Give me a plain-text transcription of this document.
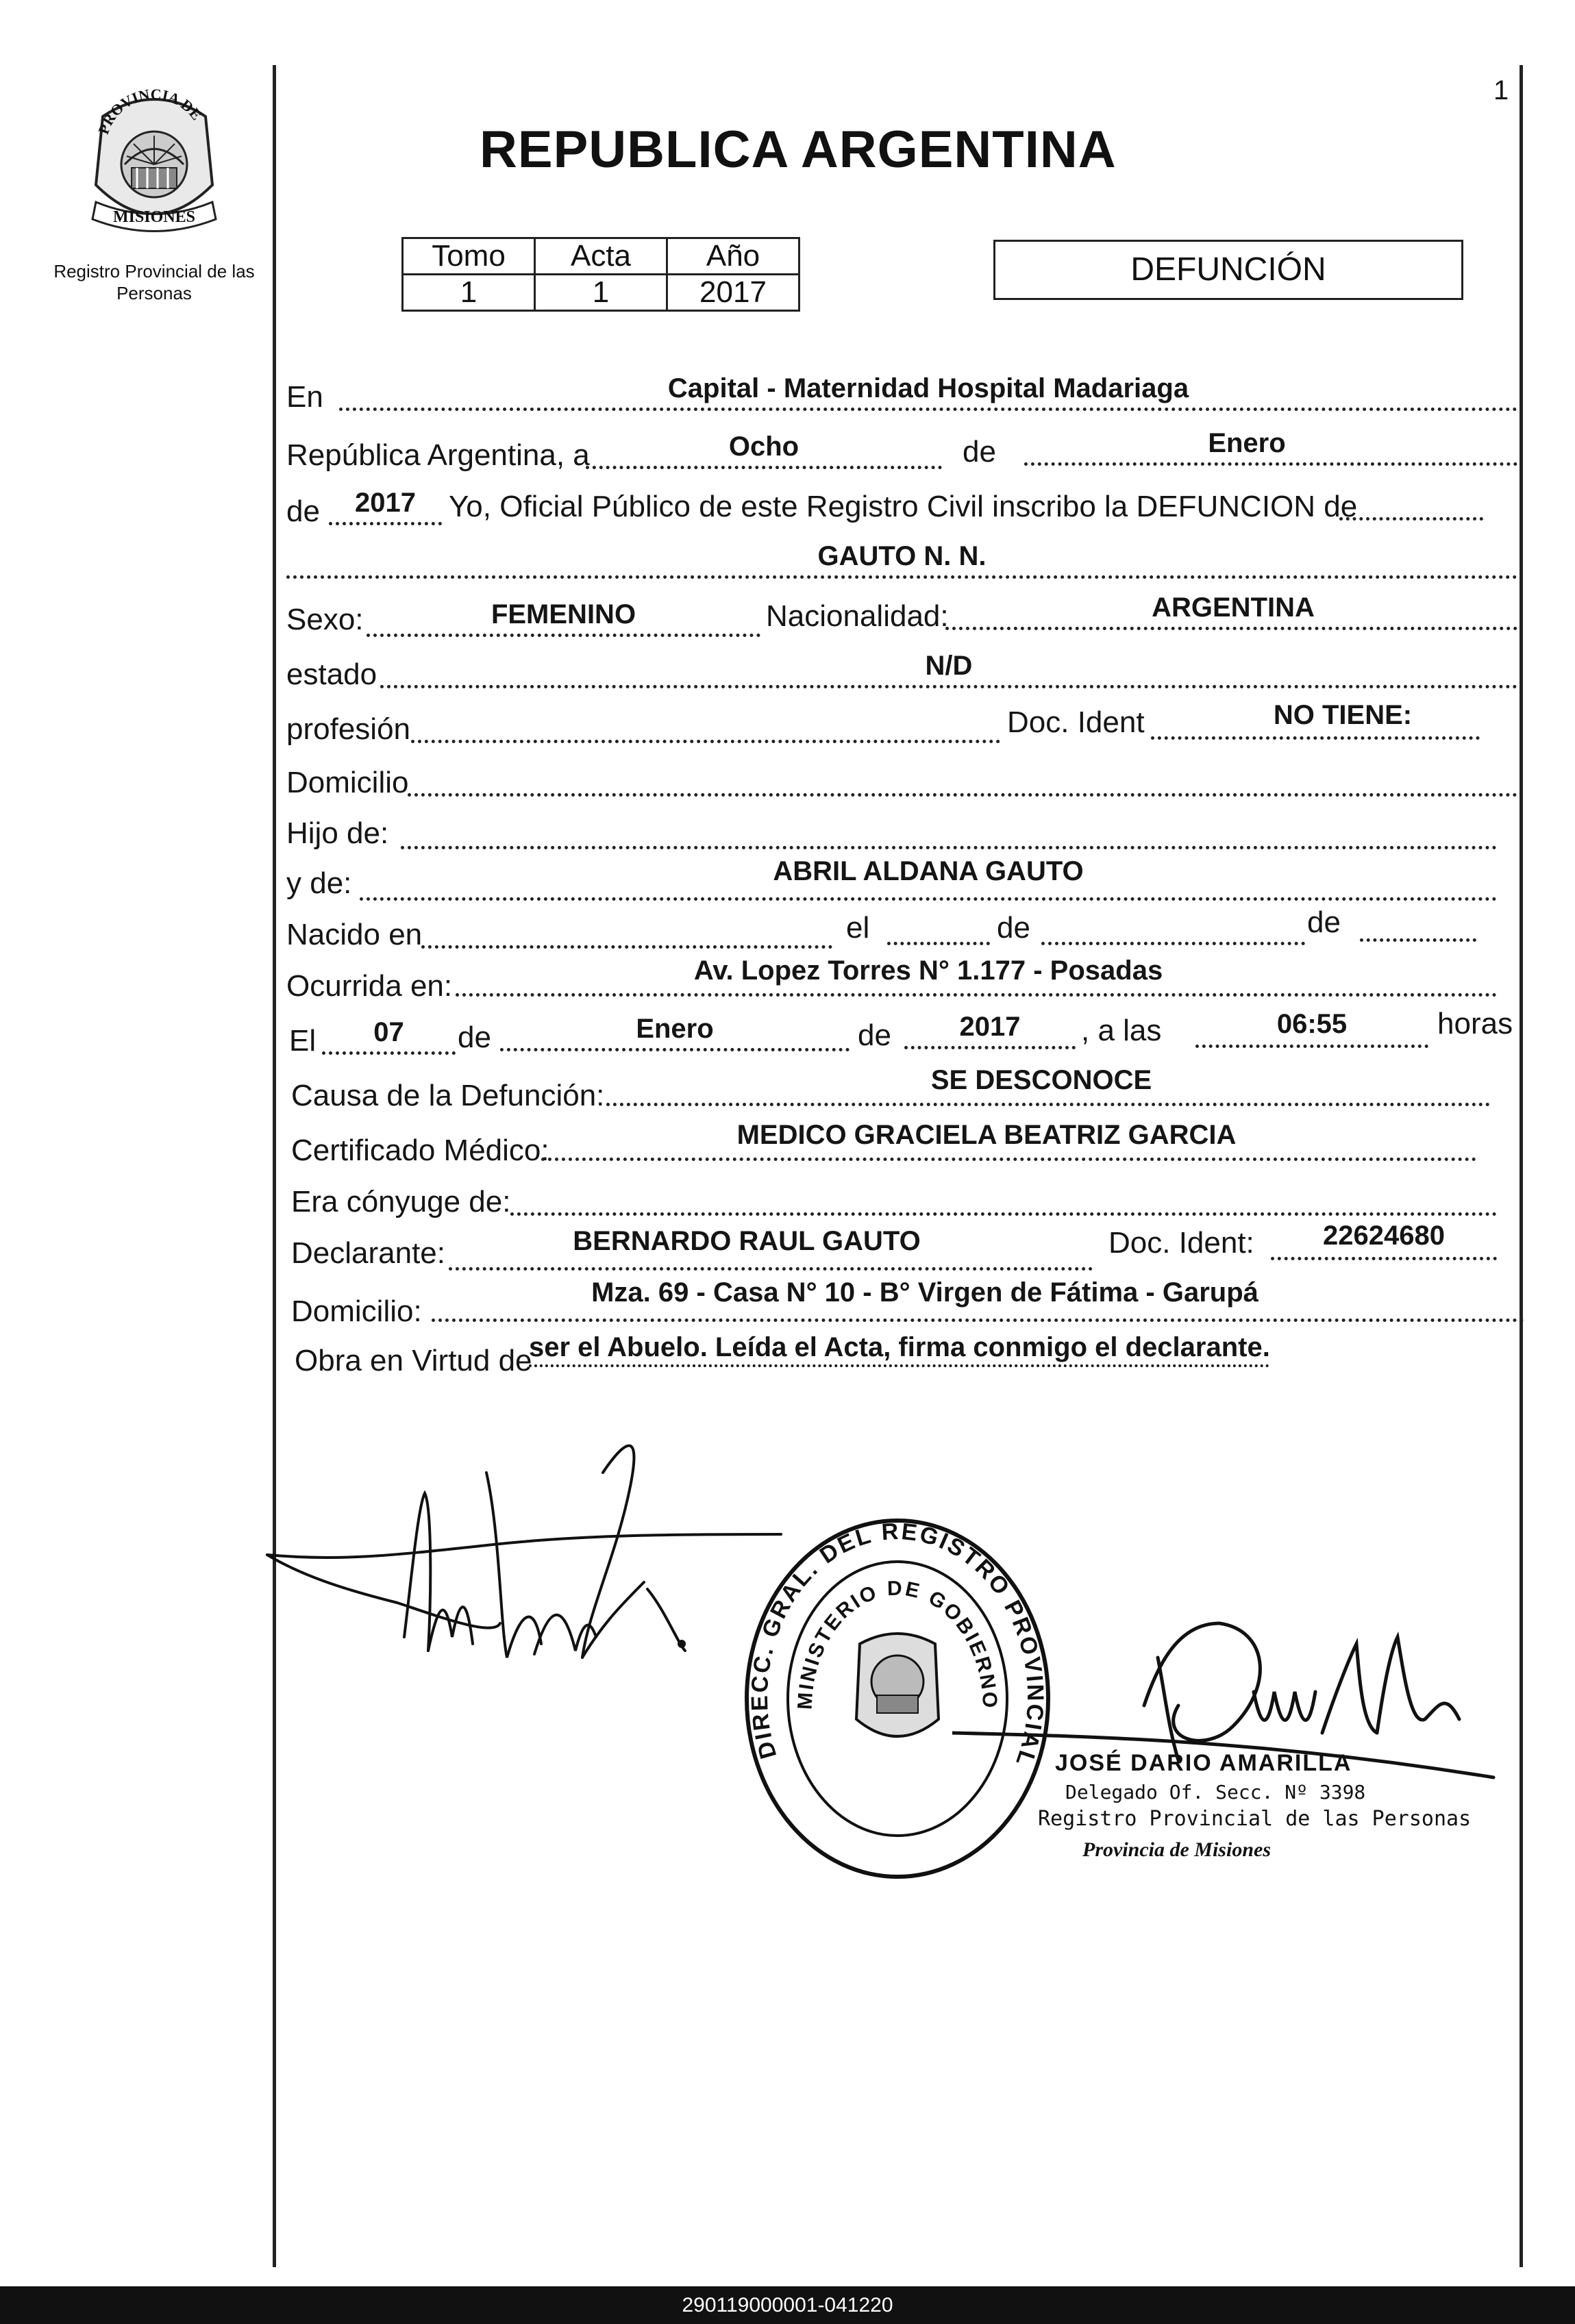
1
PROVINCIA DE
MISIONES
Registro Provincial de las Personas
REPUBLICA ARGENTINA
Tomo	Acta	Año
1	1	2017
DEFUNCIÓN
En	Capital - Maternidad Hospital Madariaga
República Argentina, a	Ocho	de	Enero
de	2017	Yo, Oficial Público de este Registro Civil inscribo la DEFUNCION de
GAUTO N. N.
Sexo:	FEMENINO	Nacionalidad:	ARGENTINA
estado	N/D
profesión	Doc. Ident	NO TIENE:
Domicilio
Hijo de:
y de:	ABRIL ALDANA GAUTO
Nacido en	el	de	de
Ocurrida en:	Av. Lopez Torres N° 1.177 - Posadas
El	07	de	Enero	de	2017	, a las	06:55	horas
Causa de la Defunción:	SE DESCONOCE
Certificado Médico:	MEDICO GRACIELA BEATRIZ GARCIA
Era cónyuge de:
Declarante:	BERNARDO RAUL GAUTO	Doc. Ident:	22624680
Domicilio:
Mza. 69 - Casa N° 10 - B° Virgen de Fátima - Garupá
Obra en Virtud de
ser el Abuelo. Leída el Acta, firma conmigo el declarante.
DIRECC. GRAL. DEL REGISTRO PROVINCIAL
MINISTERIO DE GOBIERNO
JOSÉ DARIO AMARILLA
Delegado Of. Secc. Nº 3398
Registro Provincial de las Personas
Provincia de Misiones
290119000001-041220
